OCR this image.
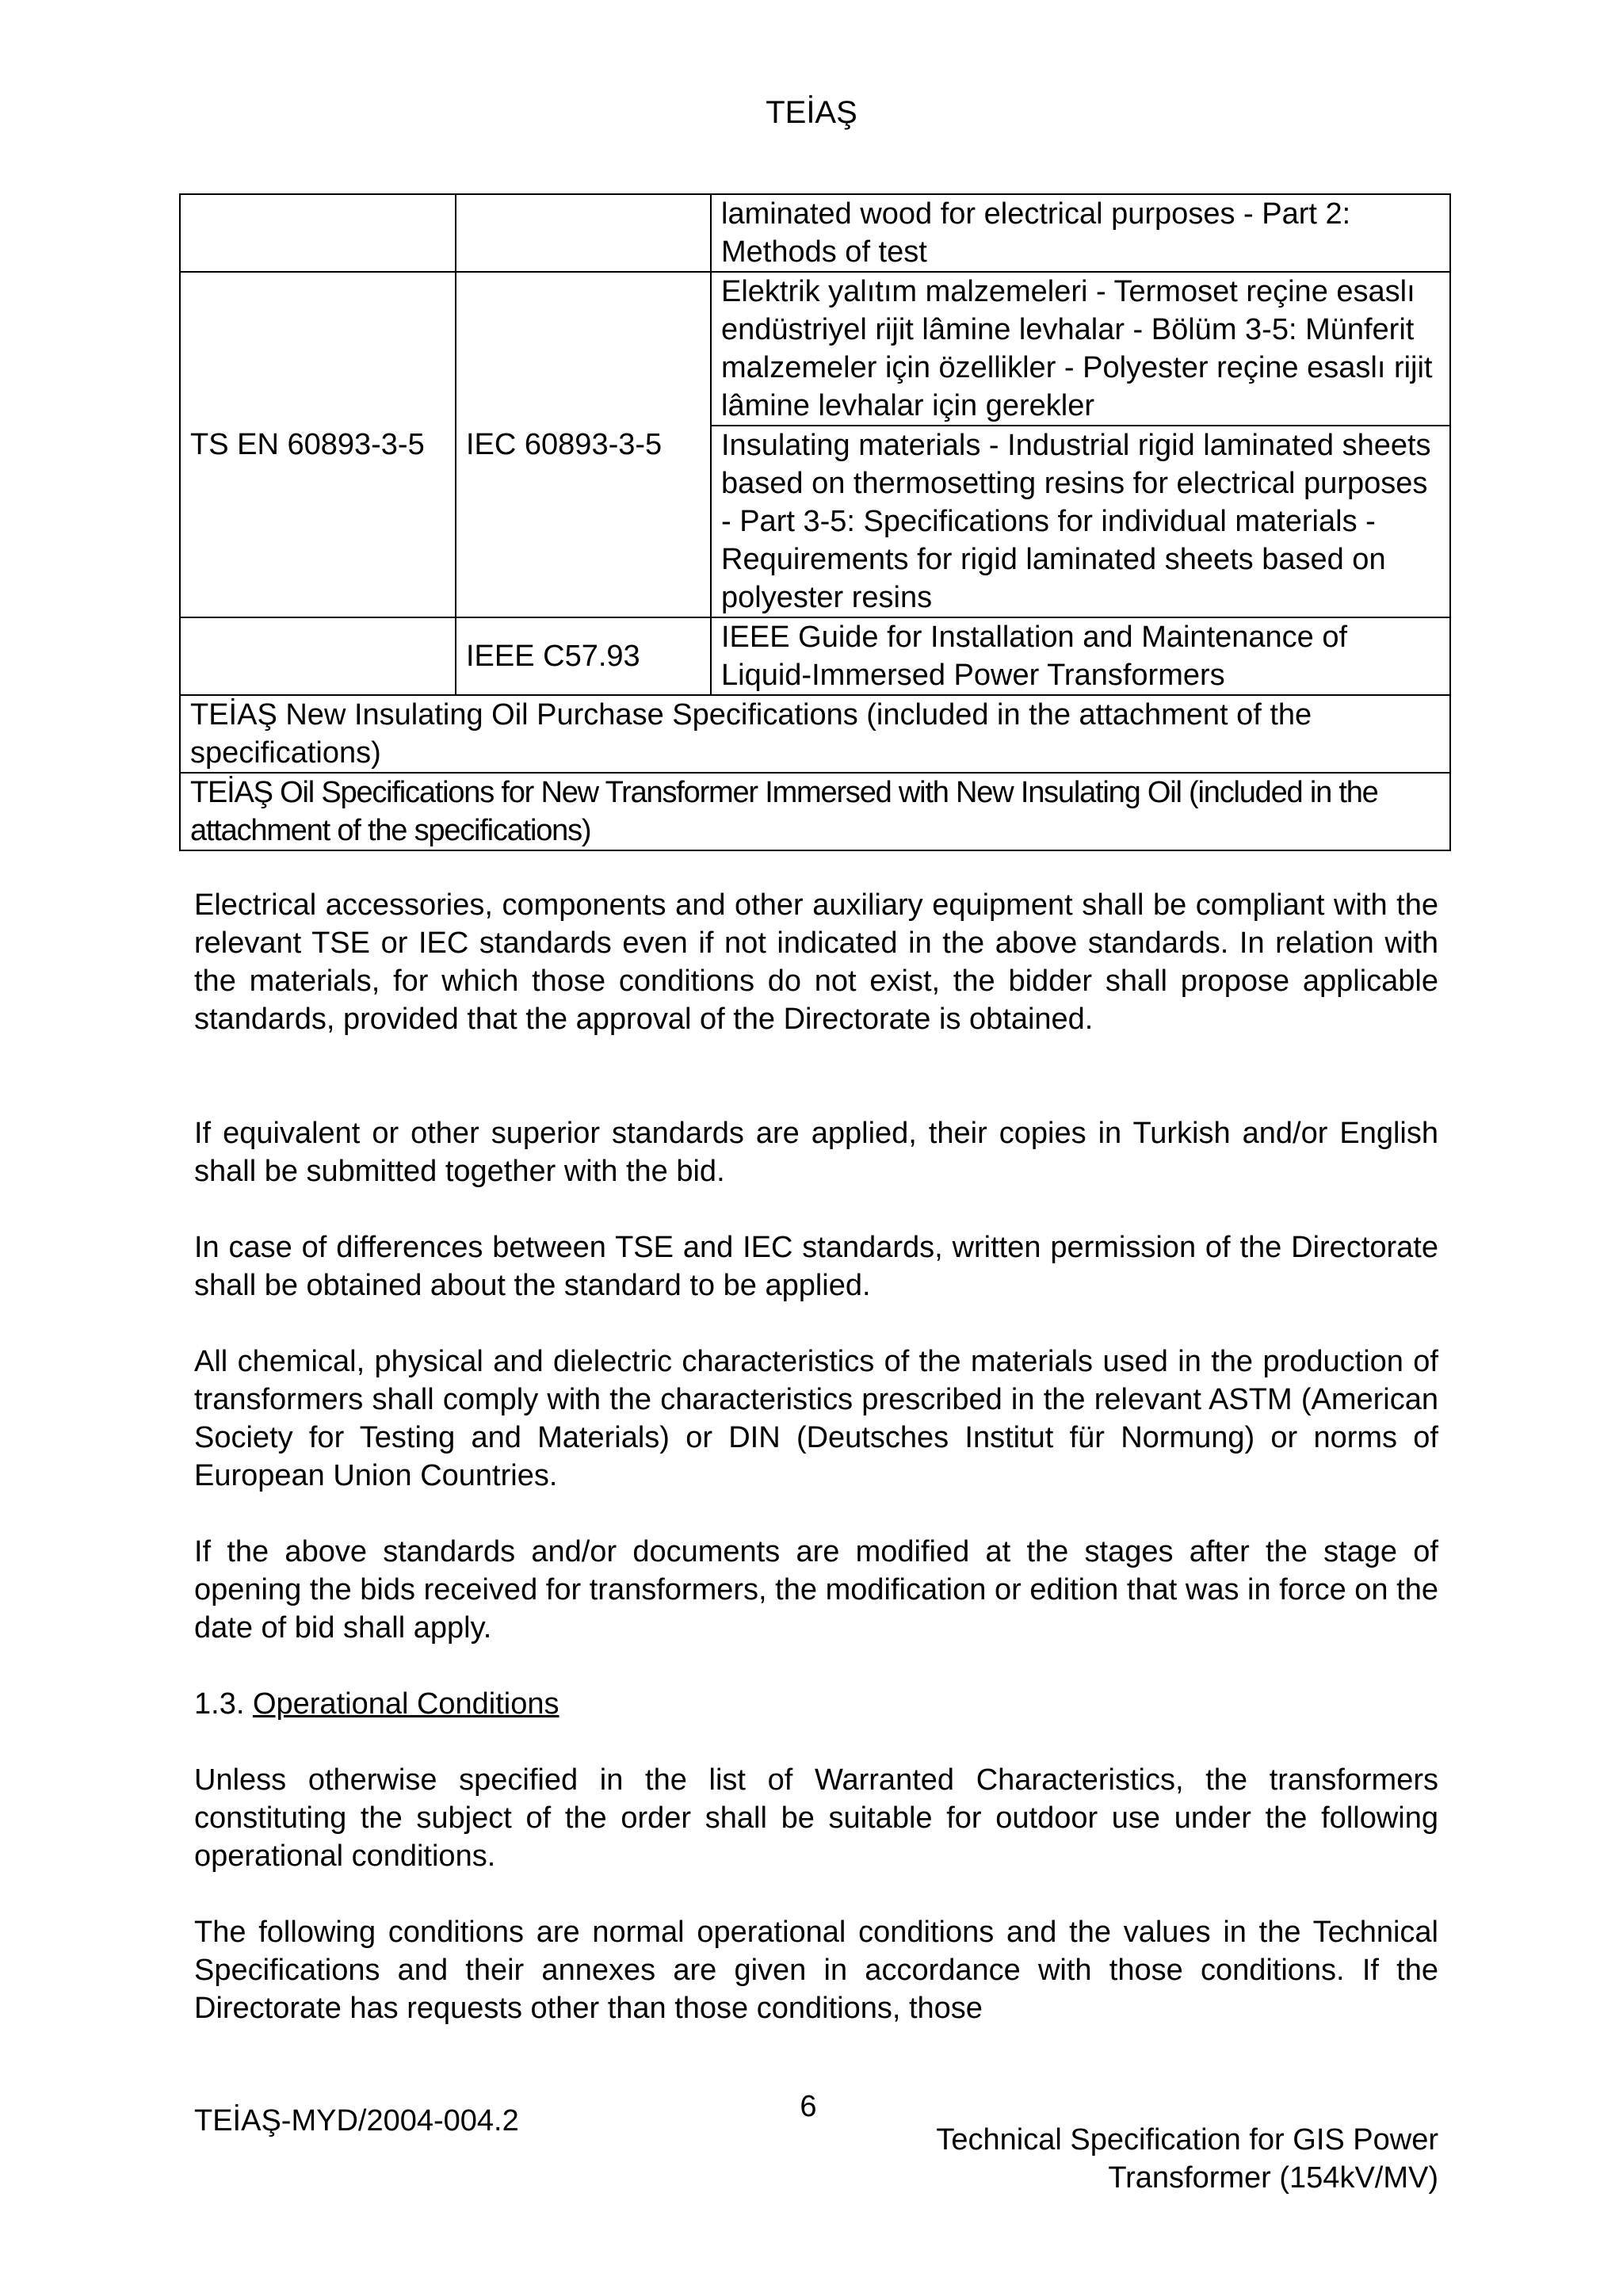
TEİAŞ
		laminated wood for electrical purposes - Part 2: Methods of test
TS EN 60893-3-5	IEC 60893-3-5	Elektrik yalıtım malzemeleri - Termoset reçine esaslı endüstriyel rijit lâmine levhalar - Bölüm 3-5: Münferit malzemeler için özellikler - Polyester reçine esaslı rijit lâmine levhalar için gerekler
		Insulating materials - Industrial rigid laminated sheets based on thermosetting resins for electrical purposes - Part 3-5: Specifications for individual materials - Requirements for rigid laminated sheets based on polyester resins
	IEEE C57.93	IEEE Guide for Installation and Maintenance of Liquid-Immersed Power Transformers
TEİAŞ New Insulating Oil Purchase Specifications (included in the attachment of the specifications)		
TEİAŞ Oil Specifications for New Transformer Immersed with New Insulating Oil (included in the attachment of the specifications)		
Electrical accessories, components and other auxiliary equipment shall be compliant with the relevant TSE or IEC standards even if not indicated in the above standards. In relation with the materials, for which those conditions do not exist, the bidder shall propose applicable standards, provided that the approval of the Directorate is obtained.
If equivalent or other superior standards are applied, their copies in Turkish and/or English shall be submitted together with the bid.
In case of differences between TSE and IEC standards, written permission of the Directorate shall be obtained about the standard to be applied.
All chemical, physical and dielectric characteristics of the materials used in the production of transformers shall comply with the characteristics prescribed in the relevant ASTM (American Society for Testing and Materials) or DIN (Deutsches Institut für Normung) or norms of European Union Countries.
If the above standards and/or documents are modified at the stages after the stage of opening the bids received for transformers, the modification or edition that was in force on the date of bid shall apply.
1.3. Operational Conditions
Unless otherwise specified in the list of Warranted Characteristics, the transformers constituting the subject of the order shall be suitable for outdoor use under the following operational conditions.
The following conditions are normal operational conditions and the values in the Technical Specifications and their annexes are given in accordance with those conditions. If the Directorate has requests other than those conditions, those
TEİAŞ-MYD/2004-004.2	6
Technical Specification for GIS Power
Transformer (154kV/MV)
